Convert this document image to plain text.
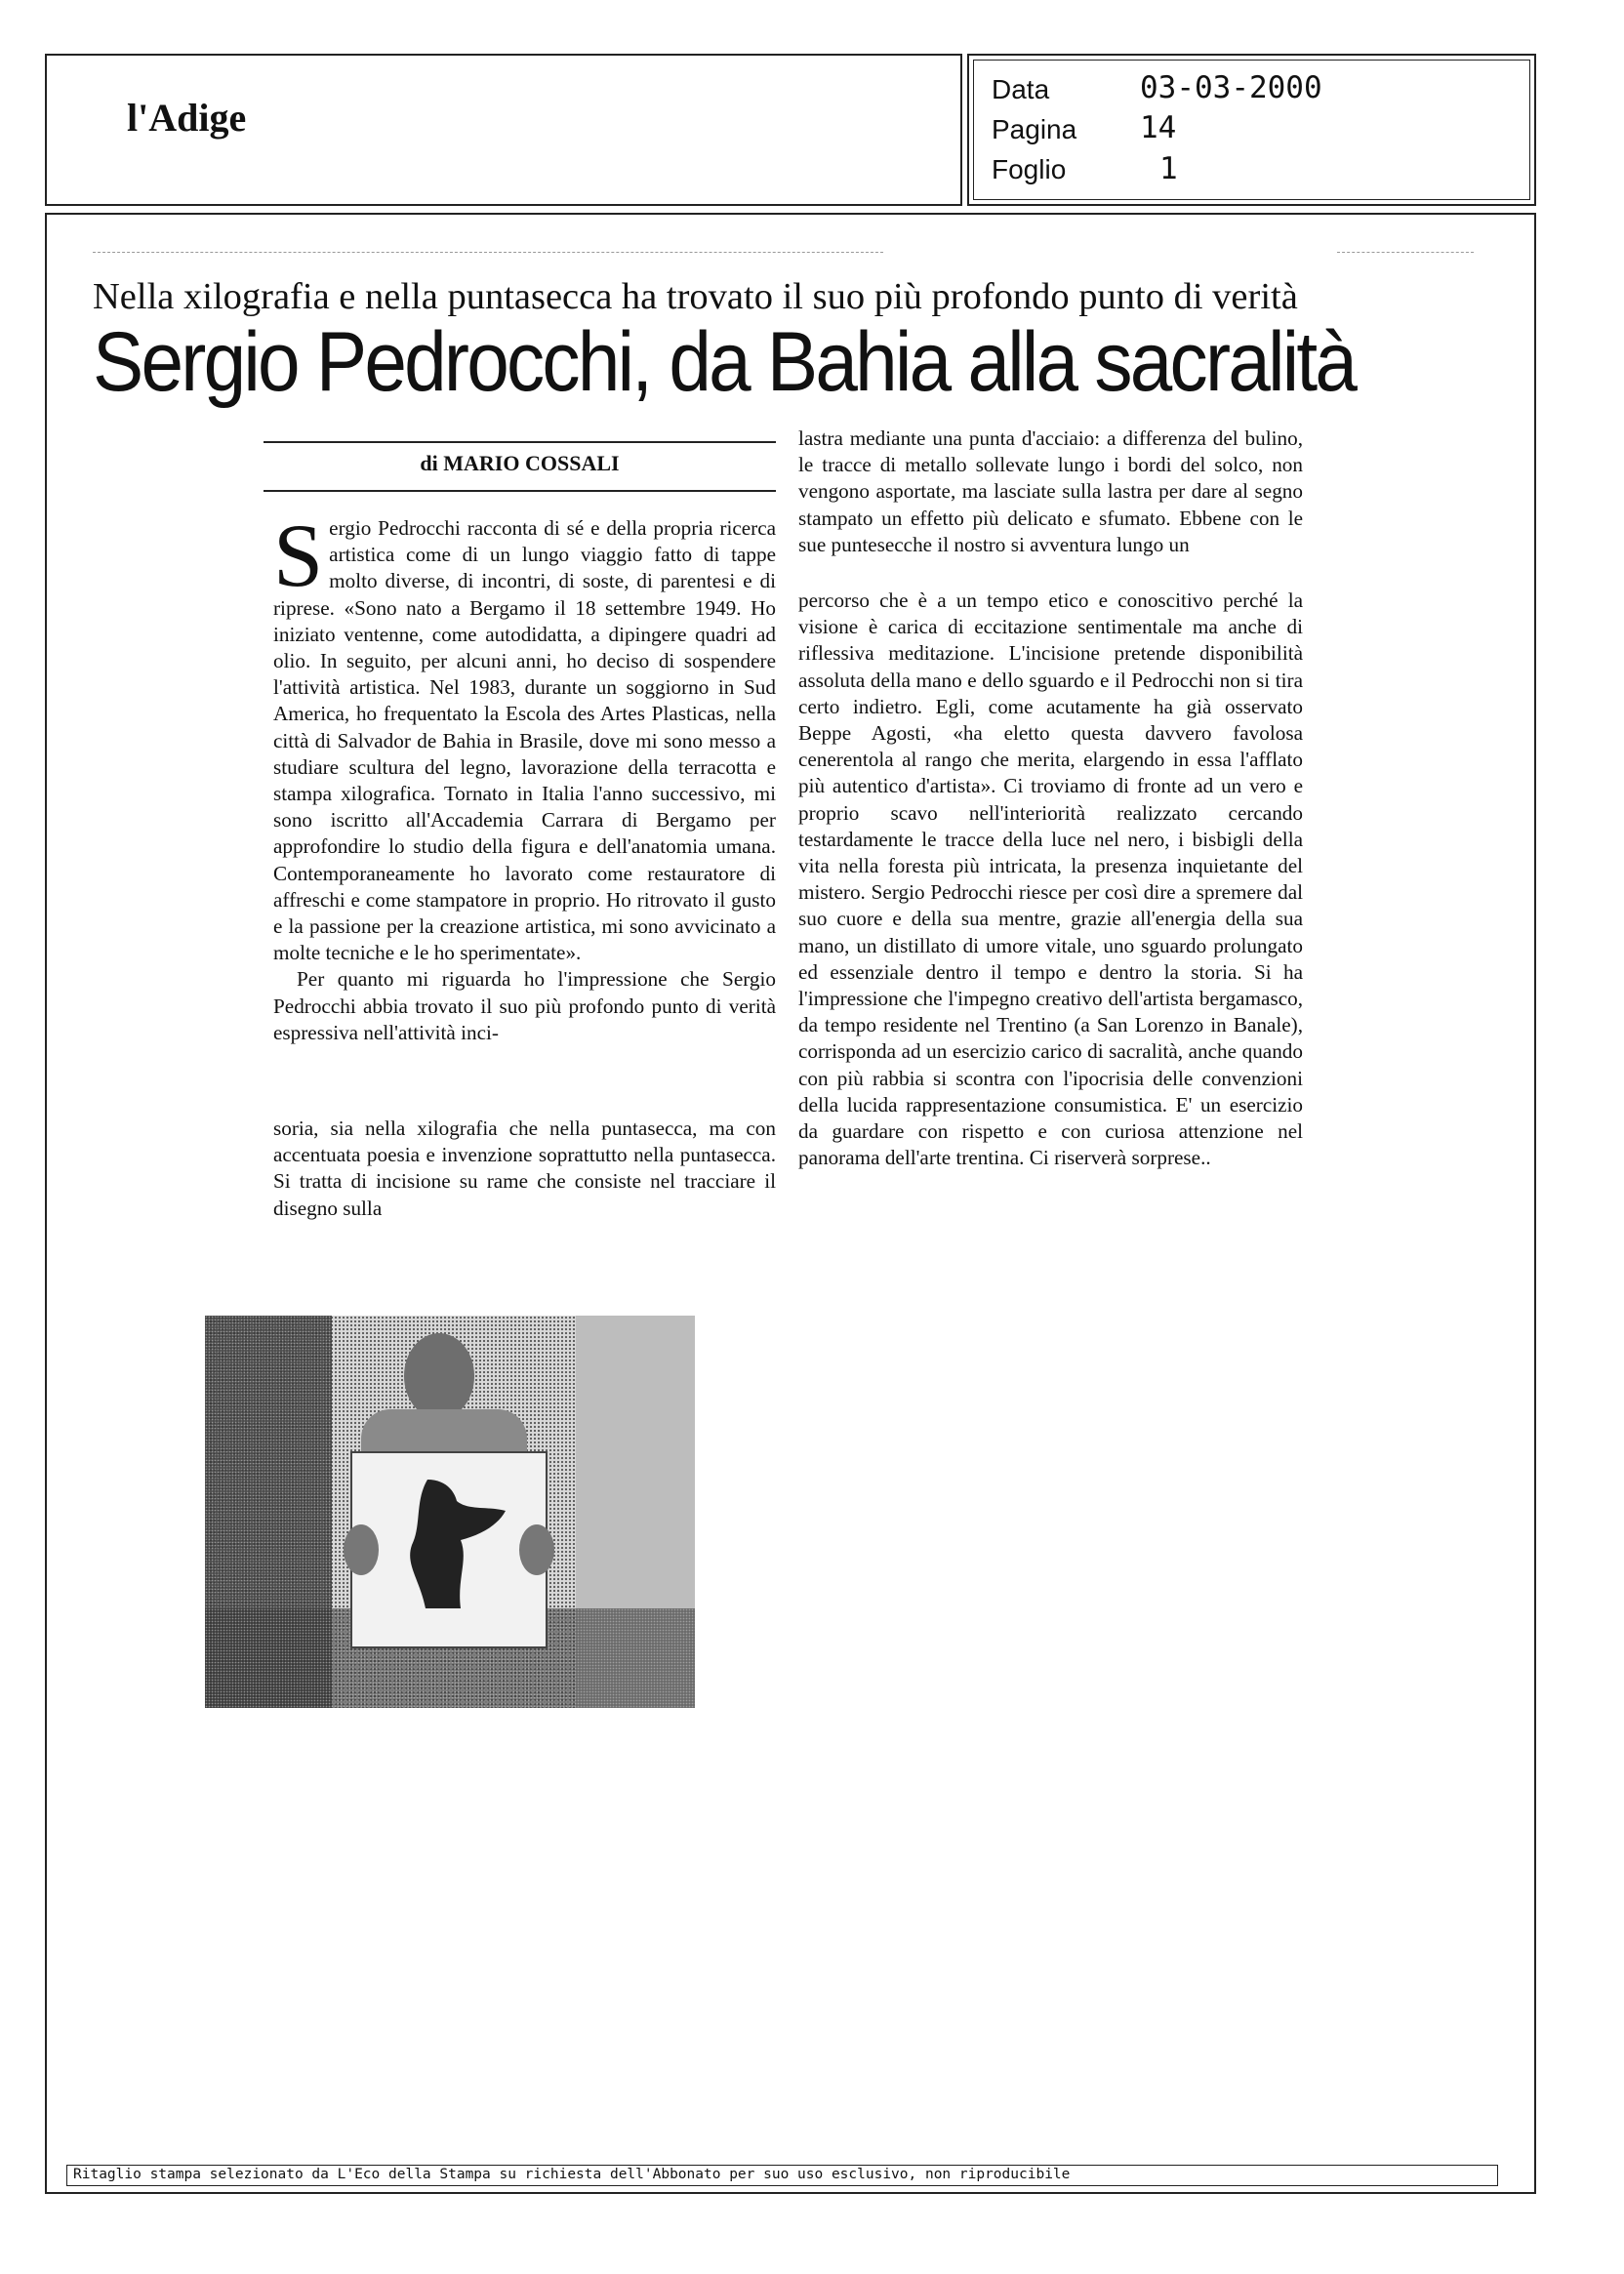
l'Adige
Data	03-03-2000
Pagina 14
Foglio	1
Nella xilografia e nella puntasecca ha trovato il suo più profondo punto di verità
Sergio Pedrocchi, da Bahia alla sacralità
di MARIO COSSALI

Sergio Pedrocchi racconta di sé e della propria ricerca artistica come di un lungo viaggio fatto di tappe molto diverse, di incontri, di soste, di parentesi e di riprese. «Sono nato a Bergamo il 18 settembre 1949. Ho iniziato ventenne, come autodidatta, a dipingere quadri ad olio. In seguito, per alcuni anni, ho deciso di sospendere l'attività artistica. Nel 1983, durante un soggiorno in Sud America, ho frequentato la Escola des Artes Plasticas, nella città di Salvador de Bahia in Brasile, dove mi sono messo a studiare scultura del legno, lavorazione della terracotta e stampa xilografica. Tornato in Italia l'anno successivo, mi sono iscritto all'Accademia Carrara di Bergamo per approfondire lo studio della figura e dell'anatomia umana. Contemporaneamente ho lavorato come restauratore di affreschi e come stampatore in proprio. Ho ritrovato il gusto e la passione per la creazione artistica, mi sono avvicinato a molte tecniche e le ho sperimentate».

Per quanto mi riguarda ho l'impressione che Sergio Pedrocchi abbia trovato il suo più profondo punto di verità espressiva nell'attività inci-

soria, sia nella xilografia che nella puntasecca, ma con accentuata poesia e invenzione soprattutto nella puntasecca. Si tratta di incisione su rame che consiste nel tracciare il disegno sulla

lastra mediante una punta d'acciaio: a differenza del bulino, le tracce di metallo sollevate lungo i bordi del solco, non vengono asportate, ma lasciate sulla lastra per dare al segno stampato un effetto più delicato e sfumato. Ebbene con le sue puntesecche il nostro si avventura lungo un

percorso che è a un tempo etico e conoscitivo perché la visione è carica di eccitazione sentimentale ma anche di riflessiva meditazione. L'incisione pretende disponibilità assoluta della mano e dello sguardo e il Pedrocchi non si tira certo indietro. Egli, come acutamente ha già osservato Beppe Agosti, «ha eletto questa davvero favolosa cenerentola al rango che merita, elargendo in essa l'afflato più autentico d'artista». Ci troviamo di fronte ad un vero e proprio scavo nell'interiorità realizzato cercando testardamente le tracce della luce nel nero, i bisbigli della vita nella foresta più intricata, la presenza inquietante del mistero. Sergio Pedrocchi riesce per così dire a spremere dal suo cuore e della sua mentre, grazie all'energia della sua mano, un distillato di umore vitale, uno sguardo prolungato ed essenziale dentro il tempo e dentro la storia. Si ha l'impressione che l'impegno creativo dell'artista bergamasco, da tempo residente nel Trentino (a San Lorenzo in Banale), corrisponda ad un esercizio carico di sacralità, anche quando con più rabbia si scontra con l'ipocrisia delle convenzioni della lucida rappresentazione consumistica. E' un esercizio da guardare con rispetto e con curiosa attenzione nel panorama dell'arte trentina. Ci riserverà sorprese..

Ritaglio stampa selezionato da L'Eco della Stampa su richiesta dell'Abbonato per suo uso esclusivo, non riproducibile
